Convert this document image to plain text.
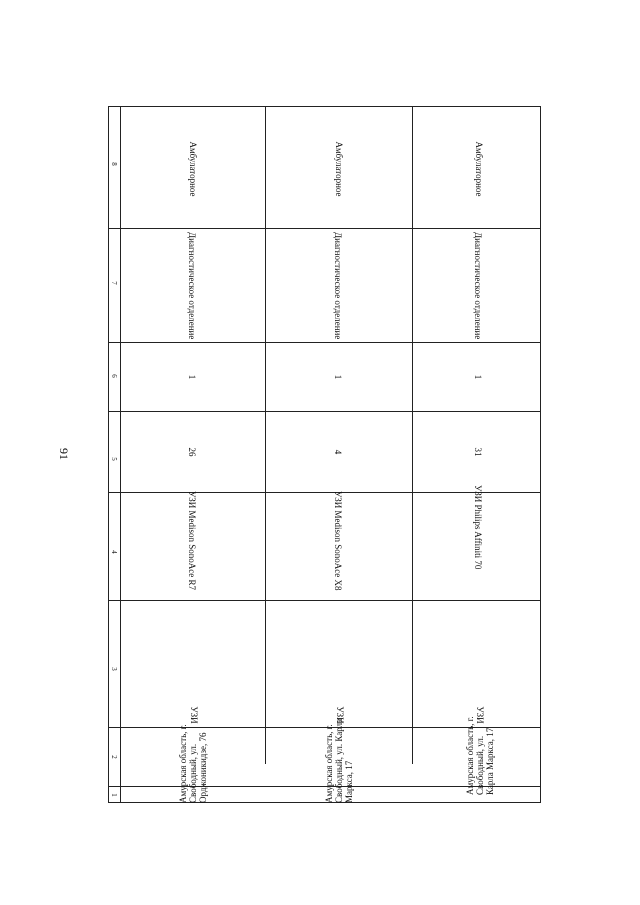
91
8
7
6
5
4
3
2
1
Амбулаторное
Диагностическое отделение
1
26
УЗИ Medison SonoAce R7
УЗИ
Амурская область, г. Свободный, ул. Орджоникидзе, 76
Амбулаторное
Диагностическое отделение
1
4
УЗИ Medison SonoAce X8
УЗИ
Амурская область, г. Свободный, ул. Карла Маркса, 17
Амбулаторное
Диагностическое отделение
1
31
УЗИ Philips Affiniti 70
УЗИ
Амурская область, г. Свободный, ул. Карла Маркса, 17
